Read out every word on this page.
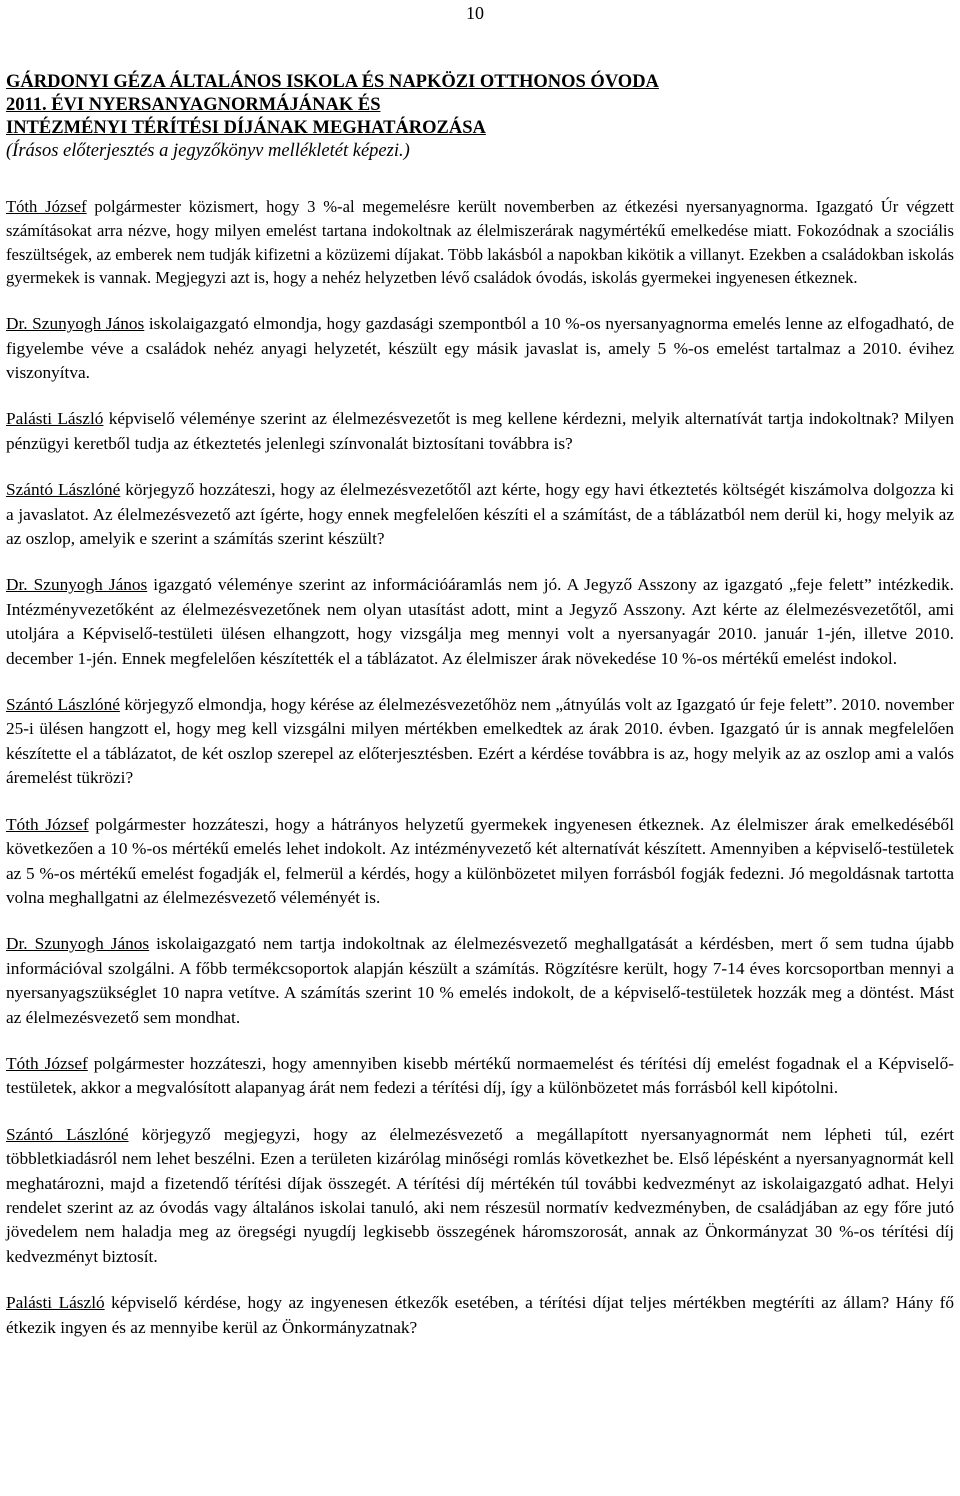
10
GÁRDONYI GÉZA ÁLTALÁNOS ISKOLA ÉS NAPKÖZI OTTHONOS ÓVODA
2011. ÉVI NYERSANYAGNORMÁJÁNAK ÉS
INTÉZMÉNYI TÉRÍTÉSI DÍJÁNAK MEGHATÁROZÁSA
(Írásos előterjesztés a jegyzőkönyv mellékletét képezi.)

Tóth József polgármester közismert, hogy 3 %-al megemelésre került novemberben az étkezési nyersanyagnorma. Igazgató Úr végzett számításokat arra nézve, hogy milyen emelést tartana indokoltnak az élelmiszerárak nagymértékű emelkedése miatt. Fokozódnak a szociális feszültségek, az emberek nem tudják kifizetni a közüzemi díjakat. Több lakásból a napokban kikötik a villanyt. Ezekben a családokban iskolás gyermekek is vannak. Megjegyzi azt is, hogy a nehéz helyzetben lévő családok óvodás, iskolás gyermekei ingyenesen étkeznek.

Dr. Szunyogh János iskolaigazgató elmondja, hogy gazdasági szempontból a 10 %-os nyersanyagnorma emelés lenne az elfogadható, de figyelembe véve a családok nehéz anyagi helyzetét, készült egy másik javaslat is, amely 5 %-os emelést tartalmaz a 2010. évihez viszonyítva.

Palásti László képviselő véleménye szerint az élelmezésvezetőt is meg kellene kérdezni, melyik alternatívát tartja indokoltnak? Milyen pénzügyi keretből tudja az étkeztetés jelenlegi színvonalát biztosítani továbbra is?

Szántó Lászlóné körjegyző hozzáteszi, hogy az élelmezésvezetőtől azt kérte, hogy egy havi étkeztetés költségét kiszámolva dolgozza ki a javaslatot. Az élelmezésvezető azt ígérte, hogy ennek megfelelően készíti el a számítást, de a táblázatból nem derül ki, hogy melyik az az oszlop, amelyik e szerint a számítás szerint készült?

Dr. Szunyogh János igazgató véleménye szerint az információáramlás nem jó. A Jegyző Asszony az igazgató „feje felett” intézkedik. Intézményvezetőként az élelmezésvezetőnek nem olyan utasítást adott, mint a Jegyző Asszony. Azt kérte az élelmezésvezetőtől, ami utoljára a Képviselő-testületi ülésen elhangzott, hogy vizsgálja meg mennyi volt a nyersanyagár 2010. január 1-jén, illetve 2010. december 1-jén. Ennek megfelelően készítették el a táblázatot. Az élelmiszer árak növekedése 10 %-os mértékű emelést indokol.

Szántó Lászlóné körjegyző elmondja, hogy kérése az élelmezésvezetőhöz nem „átnyúlás volt az Igazgató úr feje felett”. 2010. november 25-i ülésen hangzott el, hogy meg kell vizsgálni milyen mértékben emelkedtek az árak 2010. évben. Igazgató úr is annak megfelelően készítette el a táblázatot, de két oszlop szerepel az előterjesztésben. Ezért a kérdése továbbra is az, hogy melyik az az oszlop ami a valós áremelést tükrözi?

Tóth József polgármester hozzáteszi, hogy a hátrányos helyzetű gyermekek ingyenesen étkeznek. Az élelmiszer árak emelkedéséből következően a 10 %-os mértékű emelés lehet indokolt. Az intézményvezető két alternatívát készített. Amennyiben a képviselő-testületek az 5 %-os mértékű emelést fogadják el, felmerül a kérdés, hogy a különbözetet milyen forrásból fogják fedezni. Jó megoldásnak tartotta volna meghallgatni az élelmezésvezető véleményét is.

Dr. Szunyogh János iskolaigazgató nem tartja indokoltnak az élelmezésvezető meghallgatását a kérdésben, mert ő sem tudna újabb információval szolgálni. A főbb termékcsoportok alapján készült a számítás. Rögzítésre került, hogy 7-14 éves korcsoportban mennyi a nyersanyagszükséglet 10 napra vetítve. A számítás szerint 10 % emelés indokolt, de a képviselő-testületek hozzák meg a döntést. Mást az élelmezésvezető sem mondhat.

Tóth József polgármester hozzáteszi, hogy amennyiben kisebb mértékű normaemelést és térítési díj emelést fogadnak el a Képviselő-testületek, akkor a megvalósított alapanyag árát nem fedezi a térítési díj, így a különbözetet más forrásból kell kipótolni.

Szántó Lászlóné körjegyző megjegyzi, hogy az élelmezésvezető a megállapított nyersanyagnormát nem lépheti túl, ezért többletkiadásról nem lehet beszélni. Ezen a területen kizárólag minőségi romlás következhet be. Első lépésként a nyersanyagnormát kell meghatározni, majd a fizetendő térítési díjak összegét. A térítési díj mértékén túl további kedvezményt az iskolaigazgató adhat. Helyi rendelet szerint az az óvodás vagy általános iskolai tanuló, aki nem részesül normatív kedvezményben, de családjában az egy főre jutó jövedelem nem haladja meg az öregségi nyugdíj legkisebb összegének háromszorosát, annak az Önkormányzat 30 %-os térítési díj kedvezményt biztosít.

Palásti László képviselő kérdése, hogy az ingyenesen étkezők esetében, a térítési díjat teljes mértékben megtéríti az állam? Hány fő étkezik ingyen és az mennyibe kerül az Önkormányzatnak?
